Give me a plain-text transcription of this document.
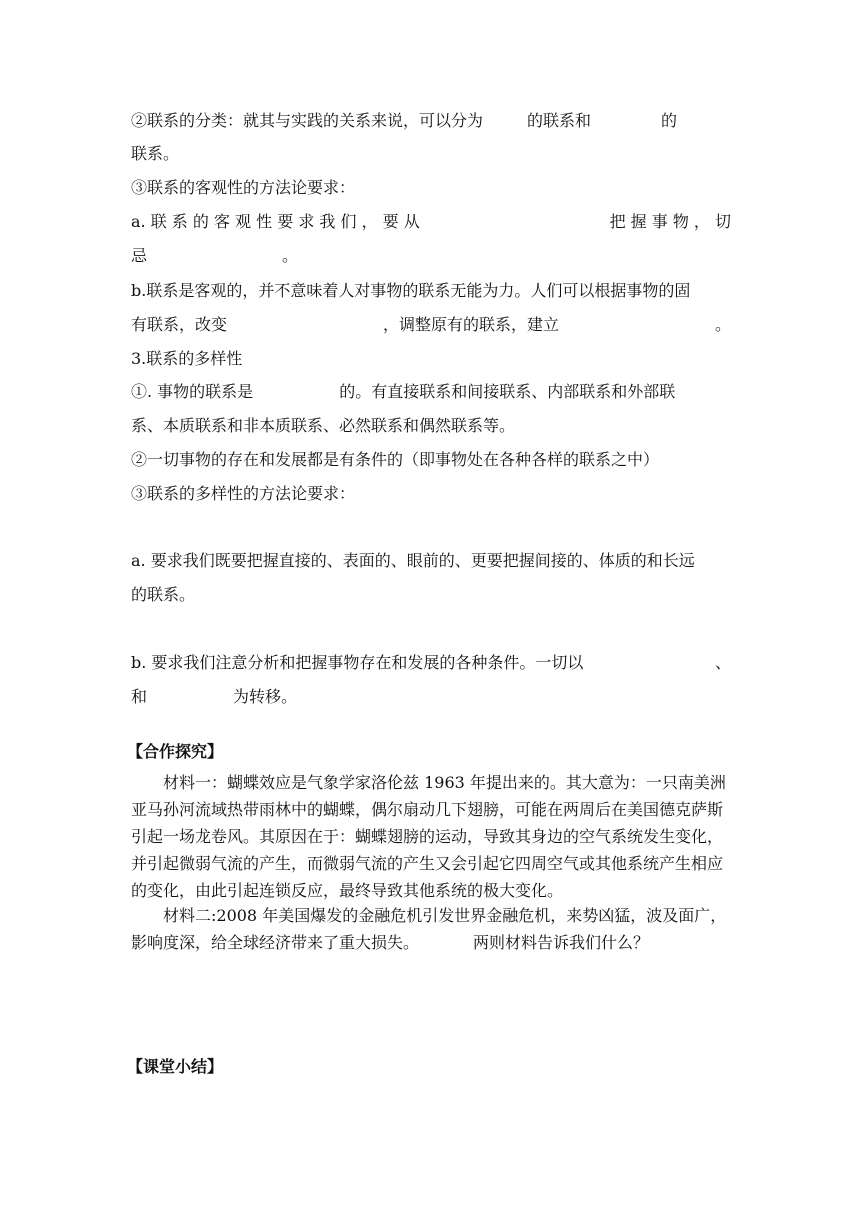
②联系的分类：就其与实践的关系来说，可以分为	的联系和	的
联系。
③联系的客观性的方法论要求：
a. 联 系 的 客 观 性 要 求 我 们 ， 要 从	把 握 事 物 ， 切
忌	。
b.联系是客观的，并不意味着人对事物的联系无能为力。人们可以根据事物的固
有联系，改变	，调整原有的联系，建立	。
3.联系的多样性
①. 事物的联系是	的。有直接联系和间接联系、内部联系和外部联
系、本质联系和非本质联系、必然联系和偶然联系等。
②一切事物的存在和发展都是有条件的（即事物处在各种各样的联系之中）
③联系的多样性的方法论要求：
a. 要求我们既要把握直接的、表面的、眼前的、更要把握间接的、体质的和长远
的联系。
b. 要求我们注意分析和把握事物存在和发展的各种条件。一切以	、
和	为转移。
【合作探究】
材料一：蝴蝶效应是气象学家洛伦兹 1963 年提出来的。其大意为：一只南美洲亚马孙河流域热带雨林中的蝴蝶，偶尔扇动几下翅膀，可能在两周后在美国德克萨斯引起一场龙卷风。其原因在于：蝴蝶翅膀的运动，导致其身边的空气系统发生变化，并引起微弱气流的产生，而微弱气流的产生又会引起它四周空气或其他系统产生相应的变化，由此引起连锁反应，最终导致其他系统的极大变化。
材料二:2008 年美国爆发的金融危机引发世界金融危机，来势凶猛，波及面广，影响度深，给全球经济带来了重大损失。	两则材料告诉我们什么？
【课堂小结】
